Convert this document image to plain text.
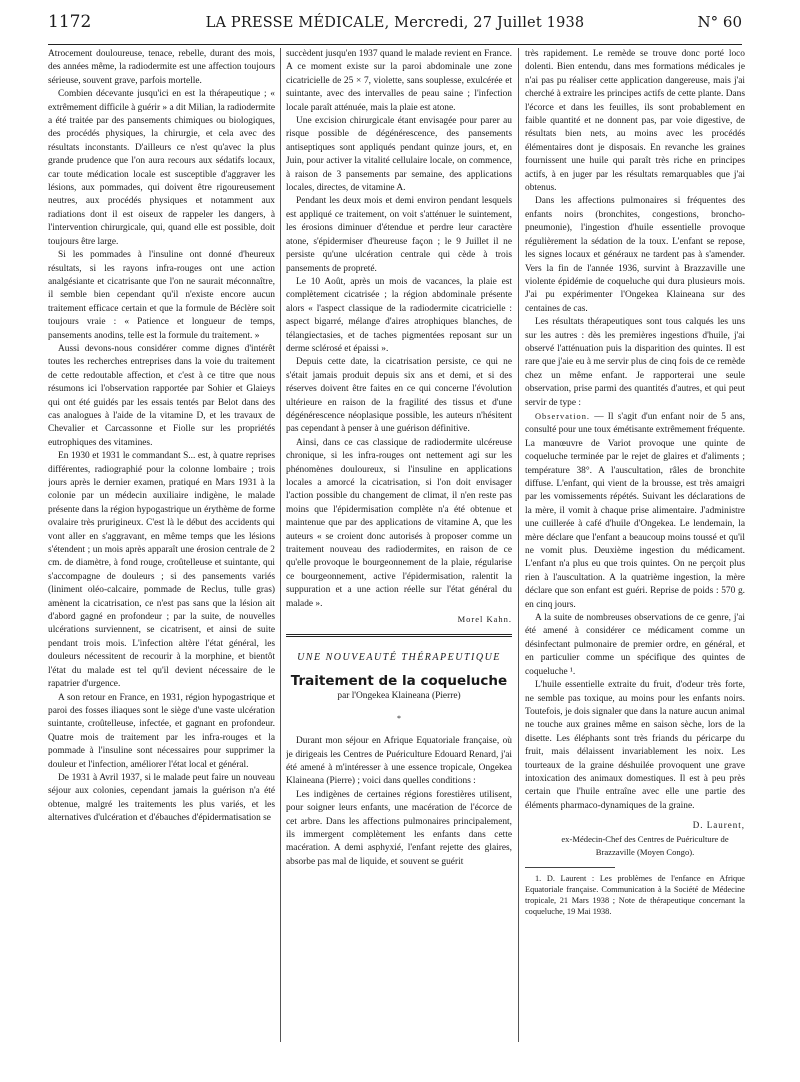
1172	LA PRESSE MÉDICALE, Mercredi, 27 Juillet 1938	N° 60

Atrocement douloureuse, tenace, rebelle, durant des mois, des années même, la radiodermite est une affection toujours sérieuse, souvent grave, parfois mortelle.

Combien décevante jusqu'ici en est la thérapeutique ; « extrêmement difficile à guérir » a dit Milian, la radiodermite a été traitée par des pansements chimiques ou biologiques, des procédés physiques, la chirurgie, et cela avec des résultats inconstants. D'ailleurs ce n'est qu'avec la plus grande prudence que l'on aura recours aux sédatifs locaux, car toute médication locale est susceptible d'aggraver les lésions, aux pommades, qui doivent être rigoureusement neutres, aux procédés physiques et notamment aux radiations dont il est oiseux de rappeler les dangers, à l'intervention chirurgicale, qui, quand elle est possible, doit toujours être large.

Si les pommades à l'insuline ont donné d'heureux résultats, si les rayons infra-rouges ont une action analgésiante et cicatrisante que l'on ne saurait méconnaître, il semble bien cependant qu'il n'existe encore aucun traitement efficace certain et que la formule de Béclère soit toujours vraie : « Patience et longueur de temps, pansements anodins, telle est la formule du traitement. »

Aussi devons-nous considérer comme dignes d'intérêt toutes les recherches entreprises dans la voie du traitement de cette redoutable affection, et c'est à ce titre que nous résumons ici l'observation rapportée par Sohier et Glaieys qui ont été guidés par les essais tentés par Belot dans des cas analogues à l'aide de la vitamine D, et les travaux de Chevalier et Carcassonne et Fiolle sur les propriétés eutrophiques des vitamines.

En 1930 et 1931 le commandant S... est, à quatre reprises différentes, radiographié pour la colonne lombaire ; trois jours après le dernier examen, pratiqué en Mars 1931 à la colonie par un médecin auxiliaire indigène, le malade présente dans la région hypogastrique un érythème de forme ovalaire très prurigineux. C'est là le début des accidents qui vont aller en s'aggravant, en même temps que les lésions s'étendent ; un mois après apparaît une érosion centrale de 2 cm. de diamètre, à fond rouge, croûtelleuse et suintante, qui s'accompagne de douleurs ; si des pansements variés (liniment oléo-calcaire, pommade de Reclus, tulle gras) amènent la cicatrisation, ce n'est pas sans que la lésion ait d'abord gagné en profondeur ; par la suite, de nouvelles ulcérations surviennent, se cicatrisent, et ainsi de suite pendant trois mois. L'infection altère l'état général, les douleurs nécessitent de recourir à la morphine, et bientôt l'état du malade est tel qu'il devient nécessaire de le rapatrier d'urgence.

A son retour en France, en 1931, région hypogastrique et paroi des fosses iliaques sont le siège d'une vaste ulcération suintante, croûtelleuse, infectée, et gagnant en profondeur. Quatre mois de traitement par les infra-rouges et la pommade à l'insuline sont nécessaires pour supprimer la douleur et l'infection, améliorer l'état local et général.

De 1931 à Avril 1937, si le malade peut faire un nouveau séjour aux colonies, cependant jamais la guérison n'a été obtenue, malgré les traitements les plus variés, et les alternatives d'ulcération et d'ébauches d'épidermatisation se

succèdent jusqu'en 1937 quand le malade revient en France. A ce moment existe sur la paroi abdominale une zone cicatricielle de 25 × 7, violette, sans souplesse, exulcérée et suintante, avec des intervalles de peau saine ; l'infection locale paraît atténuée, mais la plaie est atone.

Une excision chirurgicale étant envisagée pour parer au risque possible de dégénérescence, des pansements antiseptiques sont appliqués pendant quinze jours, et, en Juin, pour activer la vitalité cellulaire locale, on commence, à raison de 3 pansements par semaine, des applications locales, directes, de vitamine A.

Pendant les deux mois et demi environ pendant lesquels est appliqué ce traitement, on voit s'atténuer le suintement, les érosions diminuer d'étendue et perdre leur caractère atone, s'épidermiser d'heureuse façon ; le 9 Juillet il ne persiste qu'une ulcération centrale qui cède à trois pansements de propreté.

Le 10 Août, après un mois de vacances, la plaie est complètement cicatrisée ; la région abdominale présente alors « l'aspect classique de la radiodermite cicatricielle : aspect bigarré, mélange d'aires atrophiques blanches, de télangiectasies, et de taches pigmentées reposant sur un derme sclérosé et épaissi ».

Depuis cette date, la cicatrisation persiste, ce qui ne s'était jamais produit depuis six ans et demi, et si des réserves doivent être faites en ce qui concerne l'évolution ultérieure en raison de la fragilité des tissus et d'une dégénérescence néoplasique possible, les auteurs n'hésitent pas cependant à penser à une guérison définitive.

Ainsi, dans ce cas classique de radiodermite ulcéreuse chronique, si les infra-rouges ont nettement agi sur les phénomènes douloureux, si l'insuline en applications locales a amorcé la cicatrisation, si l'on doit envisager l'action possible du changement de climat, il n'en reste pas moins que l'épidermisation complète n'a été obtenue et maintenue que par des applications de vitamine A, que les auteurs « se croient donc autorisés à proposer comme un traitement nouveau des radiodermites, en raison de ce qu'elle provoque le bourgeonnement de la plaie, régularise ce bourgeonnement, active l'épidermisation, ralentit la suppuration et a une action réelle sur l'état général du malade ».

Morel Kahn.
UNE NOUVEAUTÉ THÉRAPEUTIQUE
Traitement de la coqueluche
par l'Ongekea Klaineana (Pierre)
*

Durant mon séjour en Afrique Equatoriale française, où je dirigeais les Centres de Puériculture Edouard Renard, j'ai été amené à m'intéresser à une essence tropicale, Ongekea Klaineana (Pierre) ; voici dans quelles conditions :

Les indigènes de certaines régions forestières utilisent, pour soigner leurs enfants, une macération de l'écorce de cet arbre. Dans les affections pulmonaires principalement, ils immergent complètement les enfants dans cette macération. A demi asphyxié, l'enfant rejette des glaires, absorbe pas mal de liquide, et souvent se guérit

très rapidement. Le remède se trouve donc porté loco dolenti. Bien entendu, dans mes formations médicales je n'ai pas pu réaliser cette application dangereuse, mais j'ai cherché à extraire les principes actifs de cette plante. Dans l'écorce et dans les feuilles, ils sont probablement en faible quantité et ne donnent pas, par voie digestive, de résultats bien nets, au moins avec les procédés élémentaires dont je disposais. En revanche les graines fournissent une huile qui paraît très riche en principes actifs, à en juger par les résultats remarquables que j'ai obtenus.

Dans les affections pulmonaires si fréquentes des enfants noirs (bronchites, congestions, broncho-pneumonie), l'ingestion d'huile essentielle provoque régulièrement la sédation de la toux. L'enfant se repose, les signes locaux et généraux ne tardent pas à s'amender. Vers la fin de l'année 1936, survint à Brazzaville une violente épidémie de coqueluche qui dura plusieurs mois. J'ai pu expérimenter l'Ongekea Klaineana sur des centaines de cas.

Les résultats thérapeutiques sont tous calqués les uns sur les autres : dès les premières ingestions d'huile, j'ai observé l'atténuation puis la disparition des quintes. Il est rare que j'aie eu à me servir plus de cinq fois de ce remède chez un même enfant. Je rapporterai une seule observation, prise parmi des quantités d'autres, et qui peut servir de type :

Observation. — Il s'agit d'un enfant noir de 5 ans, consulté pour une toux émétisante extrêmement fréquente. La manœuvre de Variot provoque une quinte de coqueluche terminée par le rejet de glaires et d'aliments ; température 38°. A l'auscultation, râles de bronchite diffuse. L'enfant, qui vient de la brousse, est très amaigri par les vomissements répétés. Suivant les déclarations de la mère, il vomit à chaque prise alimentaire. J'administre une cuillerée à café d'huile d'Ongekea. Le lendemain, la mère déclare que l'enfant a beaucoup moins toussé et qu'il ne vomit plus. Deuxième ingestion du médicament. L'enfant n'a plus eu que trois quintes. On ne perçoit plus rien à l'auscultation. A la quatrième ingestion, la mère déclare que son enfant est guéri. Reprise de poids : 570 g. en cinq jours.

A la suite de nombreuses observations de ce genre, j'ai été amené à considérer ce médicament comme un désinfectant pulmonaire de premier ordre, en général, et en particulier comme un spécifique des quintes de coqueluche ¹.

L'huile essentielle extraite du fruit, d'odeur très forte, ne semble pas toxique, au moins pour les enfants noirs. Toutefois, je dois signaler que dans la nature aucun animal ne touche aux graines même en saison sèche, lors de la disette. Les éléphants sont très friands du péricarpe du fruit, mais délaissent invariablement les noix. Les tourteaux de la graine déshuilée provoquent une grave intoxication des animaux domestiques. Il est à peu près certain que l'huile entraîne avec elle une partie des éléments pharmaco-dynamiques de la graine.

D. Laurent,
ex-Médecin-Chef des Centres de Puériculture de Brazzaville (Moyen Congo).

1. D. Laurent : Les problèmes de l'enfance en Afrique Equatoriale française. Communication à la Société de Médecine tropicale, 21 Mars 1938 ; Note de thérapeutique concernant la coqueluche, 19 Mai 1938.
